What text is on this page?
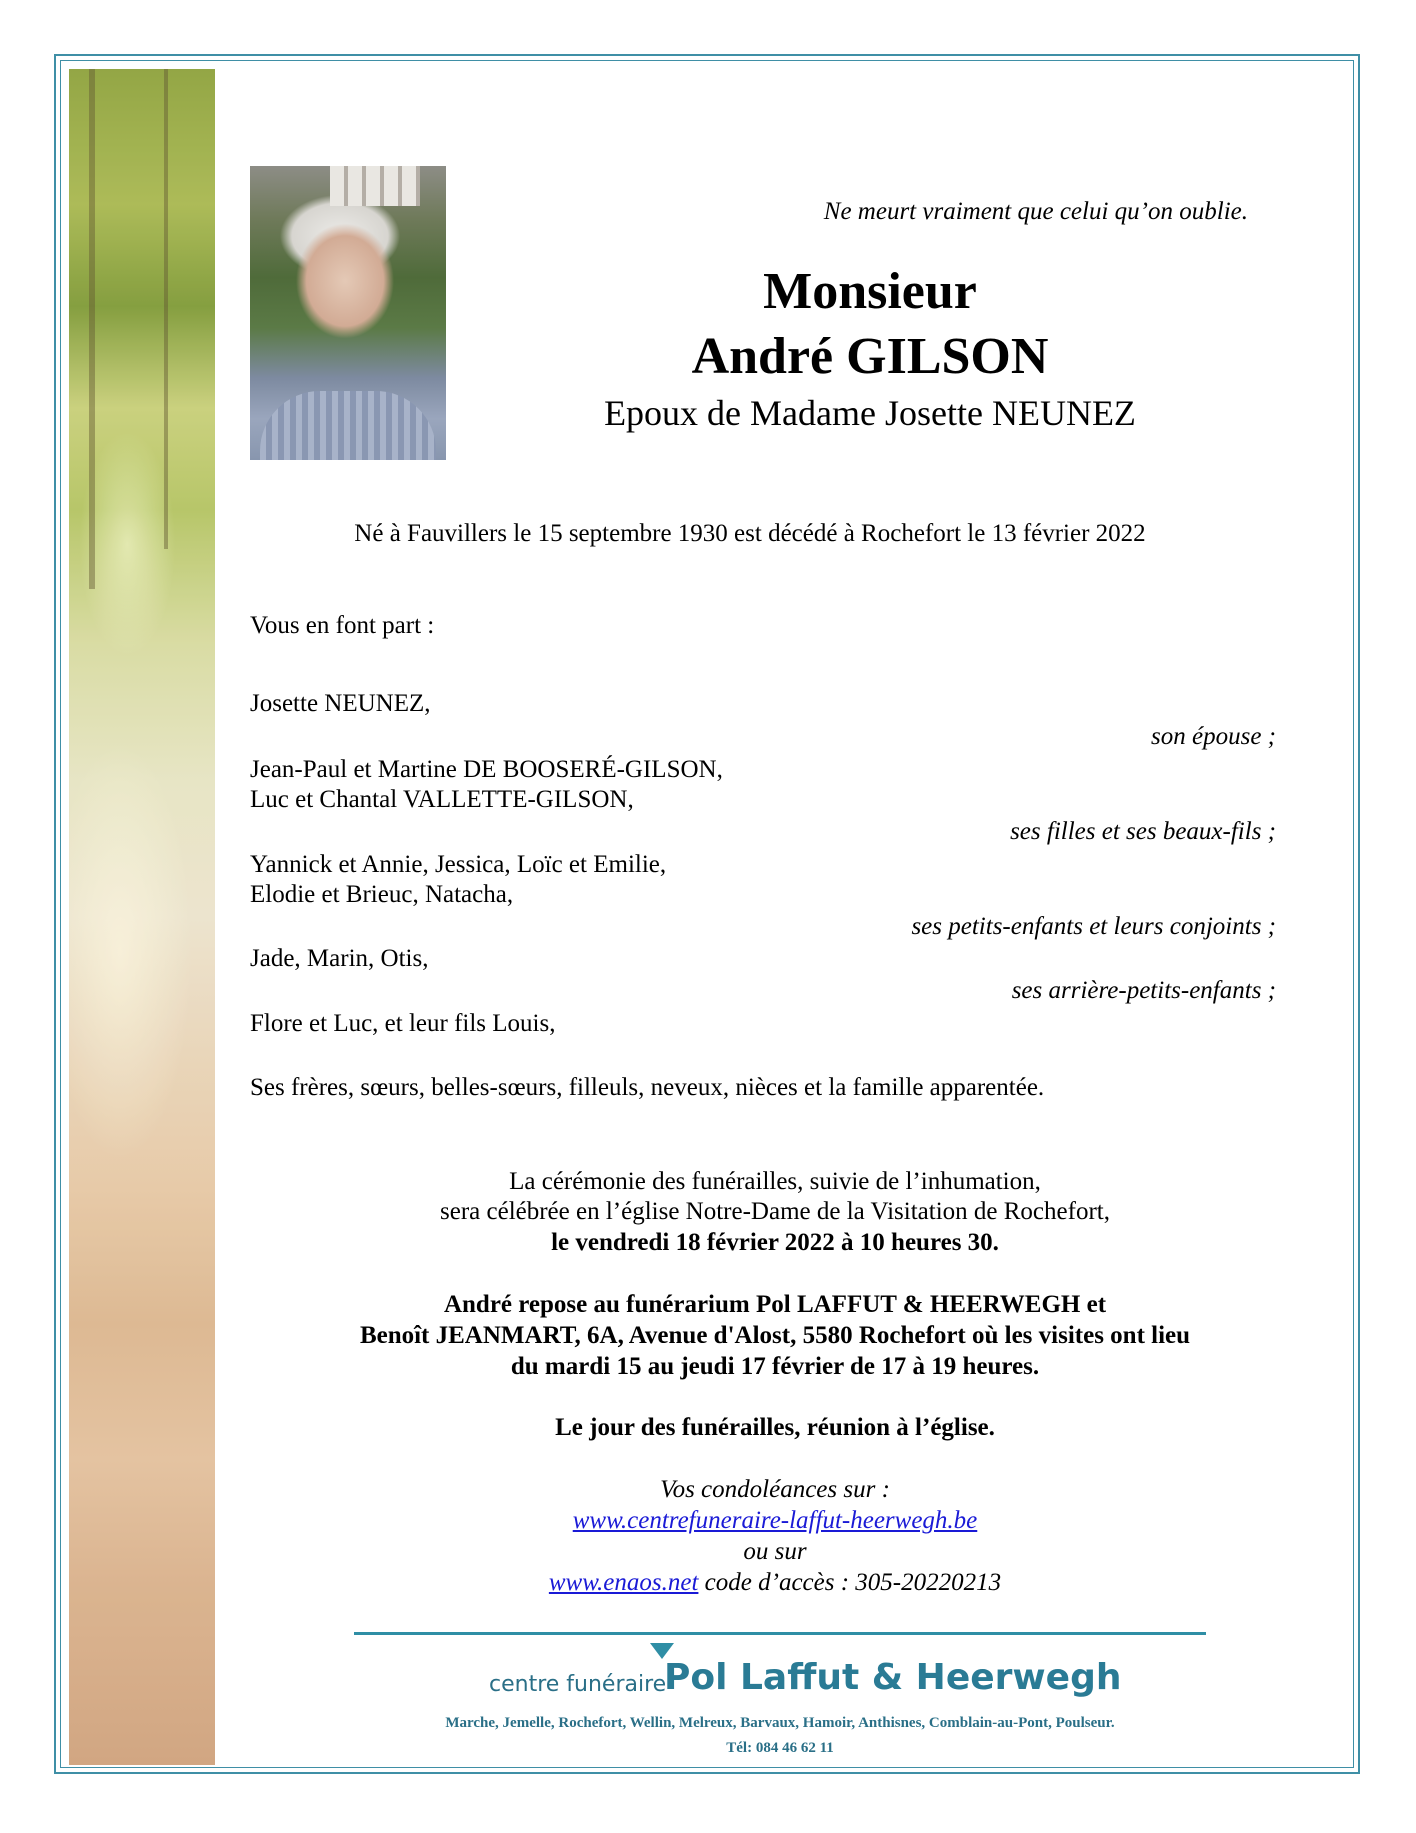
Ne meurt vraiment que celui qu’on oublie.
Monsieur
André GILSON
Epoux de Madame Josette NEUNEZ
Né à Fauvillers le 15 septembre 1930 est décédé à Rochefort le 13 février 2022
Vous en font part :
Josette NEUNEZ,
son épouse ;
Jean-Paul et Martine DE BOOSERÉ-GILSON,
Luc et Chantal VALLETTE-GILSON,
ses filles et ses beaux-fils ;
Yannick et Annie, Jessica, Loïc et Emilie,
Elodie et Brieuc, Natacha,
ses petits-enfants et leurs conjoints ;
Jade, Marin, Otis,
ses arrière-petits-enfants ;
Flore et Luc, et leur fils Louis,
Ses frères, sœurs, belles-sœurs, filleuls, neveux, nièces et la famille apparentée.
La cérémonie des funérailles, suivie de l’inhumation,
sera célébrée en l’église Notre-Dame de la Visitation de Rochefort,
le vendredi 18 février 2022 à 10 heures 30.
André repose au funérarium Pol LAFFUT & HEERWEGH et
Benoît JEANMART, 6A, Avenue d'Alost, 5580 Rochefort où les visites ont lieu
du mardi 15 au jeudi 17 février de 17 à 19 heures.
Le jour des funérailles, réunion à l’église.
Vos condoléances sur :
www.centrefuneraire-laffut-heerwegh.be
ou sur
www.enaos.net code d’accès : 305-20220213
centre funéraire
Pol Laffut & Heerwegh
Marche, Jemelle, Rochefort, Wellin, Melreux, Barvaux, Hamoir, Anthisnes, Comblain-au-Pont, Poulseur.
Tél: 084 46 62 11
